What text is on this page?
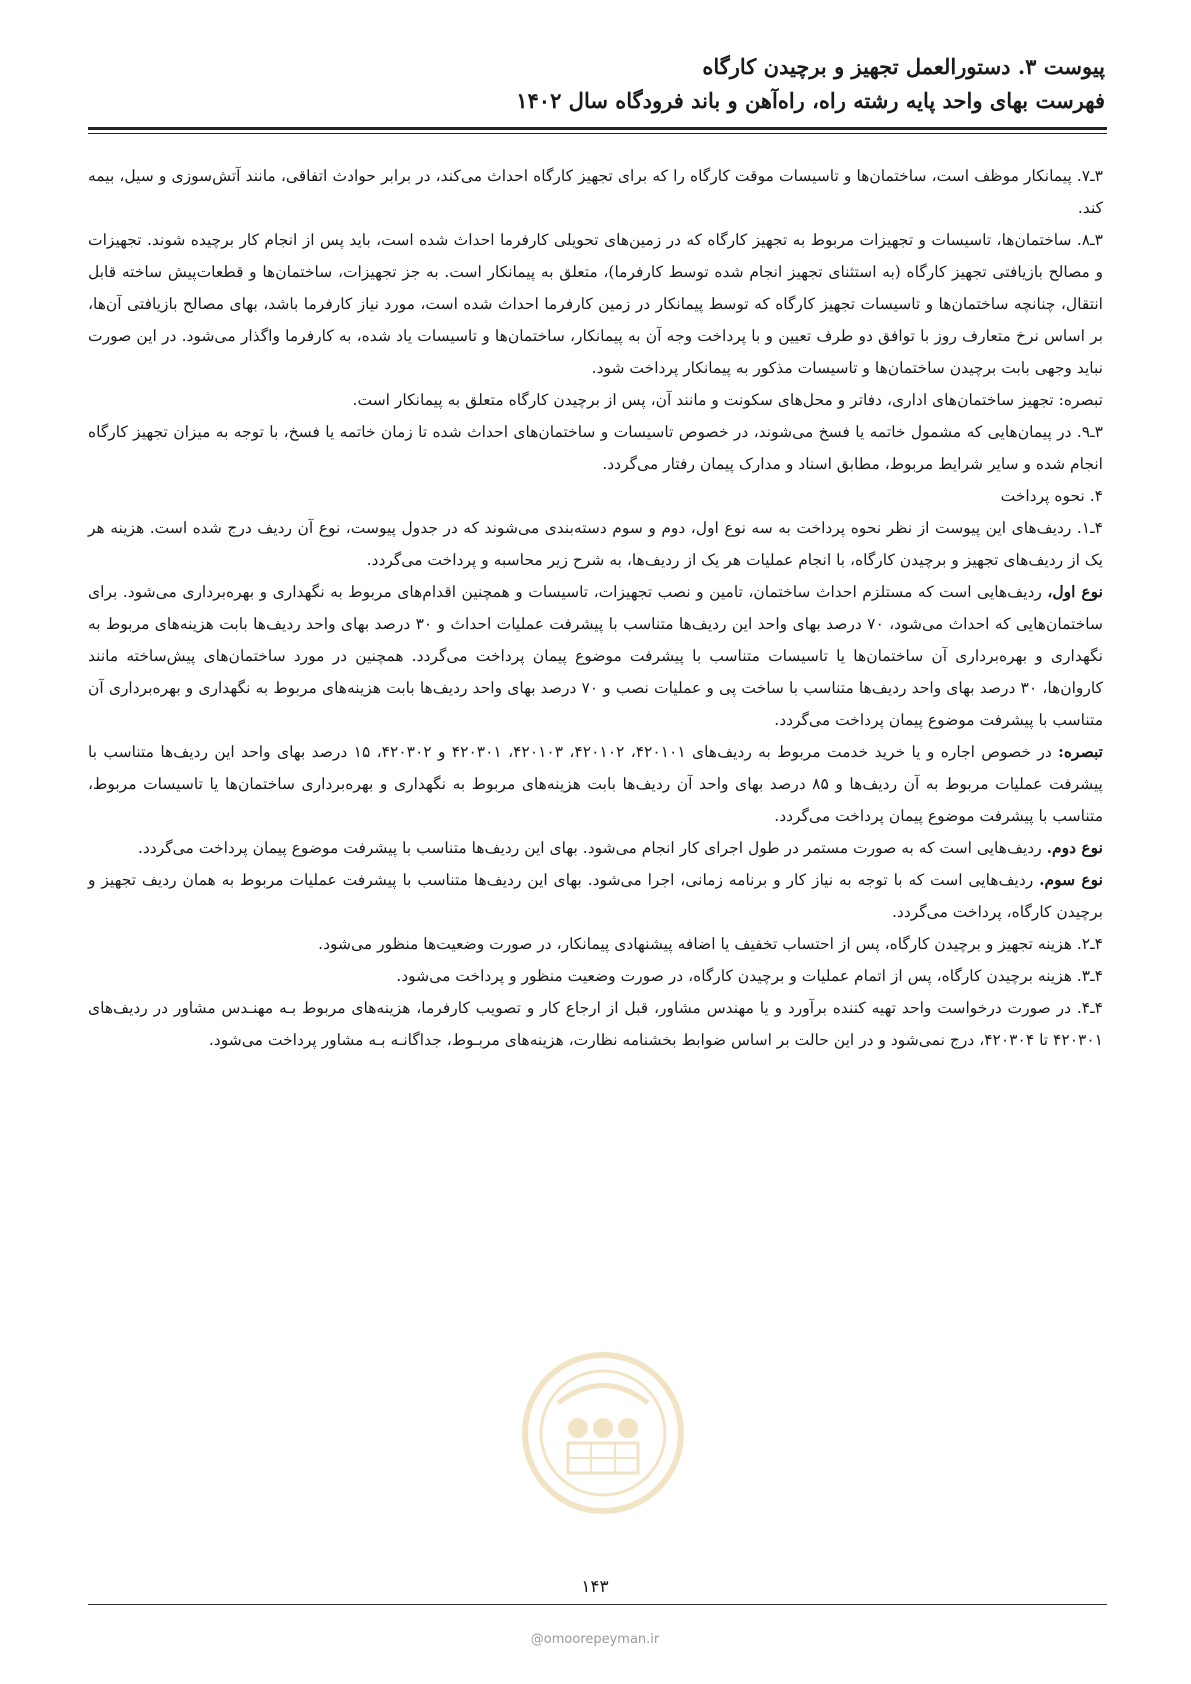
پیوست ۳. دستورالعمل تجهیز و برچیدن کارگاه

فهرست بهای واحد پایه رشته راه، راه‌آهن و باند فرودگاه سال ۱۴۰۲

۳ـ۷. پیمانکار موظف است، ساختمان‌ها و تاسیسات موقت کارگاه را که برای تجهیز کارگاه احداث می‌کند، در برابر حوادث اتفاقی، مانند آتش‌سوزی و سیل، بیمه کند.

۳ـ۸. ساختمان‌ها، تاسیسات و تجهیزات مربوط به تجهیز کارگاه که در زمین‌های تحویلی کارفرما احداث شده است، باید پس از انجام کار برچیده شوند. تجهیزات و مصالح بازیافتی تجهیز کارگاه (به استثنای تجهیز انجام شده توسط کارفرما)، متعلق به پیمانکار است. به جز تجهیزات، ساختمان‌ها و قطعات‌پیش ساخته قابل انتقال، چنانچه ساختمان‌ها و تاسیسات تجهیز کارگاه که توسط پیمانکار در زمین کارفرما احداث شده است، مورد نیاز کارفرما باشد، بهای مصالح بازیافتی آن‌ها، بر اساس نرخ متعارف روز با توافق دو طرف تعیین و با پرداخت وجه آن به پیمانکار، ساختمان‌ها و تاسیسات یاد شده، به کارفرما واگذار می‌شود. در این صورت نباید وجهی بابت برچیدن ساختمان‌ها و تاسیسات مذکور به پیمانکار پرداخت شود.

تبصره: تجهیز ساختمان‌های اداری، دفاتر و محل‌های سکونت و مانند آن، پس از برچیدن کارگاه متعلق به پیمانکار است.

۳ـ۹. در پیمان‌هایی که مشمول خاتمه یا فسخ می‌شوند، در خصوص تاسیسات و ساختمان‌های احداث شده تا زمان خاتمه یا فسخ، با توجه به میزان تجهیز کارگاه انجام شده و سایر شرایط مربوط، مطابق اسناد و مدارک پیمان رفتار می‌گردد.

۴. نحوه پرداخت

۴ـ۱. ردیف‌های این پیوست از نظر نحوه پرداخت به سه نوع اول، دوم و سوم دسته‌بندی می‌شوند که در جدول پیوست، نوع آن ردیف درج شده است. هزینه هر یک از ردیف‌های تجهیز و برچیدن کارگاه، با انجام عملیات هر یک از ردیف‌ها، به شرح زیر محاسبه و پرداخت می‌گردد.

نوع اول، ردیف‌هایی است که مستلزم احداث ساختمان، تامین و نصب تجهیزات، تاسیسات و همچنین اقدام‌های مربوط به نگهداری و بهره‌برداری می‌شود. برای ساختمان‌هایی که احداث می‌شود، ۷۰ درصد بهای واحد این ردیف‌ها متناسب با پیشرفت عملیات احداث و ۳۰ درصد بهای واحد ردیف‌ها بابت هزینه‌های مربوط به نگهداری و بهره‌برداری آن ساختمان‌ها یا تاسیسات متناسب با پیشرفت موضوع پیمان پرداخت می‌گردد. همچنین در مورد ساختمان‌های پیش‌ساخته مانند کاروان‌ها، ۳۰ درصد بهای واحد ردیف‌ها متناسب با ساخت پی و عملیات نصب و ۷۰ درصد بهای واحد ردیف‌ها بابت هزینه‌های مربوط به نگهداری و بهره‌برداری آن متناسب با پیشرفت موضوع پیمان پرداخت می‌گردد.

تبصره: در خصوص اجاره و یا خرید خدمت مربوط به ردیف‌های ۴۲۰۱۰۱، ۴۲۰۱۰۲، ۴۲۰۱۰۳، ۴۲۰۳۰۱ و ۴۲۰۳۰۲، ۱۵ درصد بهای واحد این ردیف‌ها متناسب با پیشرفت عملیات مربوط به آن ردیف‌ها و ۸۵ درصد بهای واحد آن ردیف‌ها بابت هزینه‌های مربوط به نگهداری و بهره‌برداری ساختمان‌ها یا تاسیسات مربوط، متناسب با پیشرفت موضوع پیمان پرداخت می‌گردد.

نوع دوم. ردیف‌هایی است که به صورت مستمر در طول اجرای کار انجام می‌شود. بهای این ردیف‌ها متناسب با پیشرفت موضوع پیمان پرداخت می‌گردد.

نوع سوم. ردیف‌هایی است که با توجه به نیاز کار و برنامه زمانی، اجرا می‌شود. بهای این ردیف‌ها متناسب با پیشرفت عملیات مربوط به همان ردیف تجهیز و برچیدن کارگاه، پرداخت می‌گردد.

۴ـ۲. هزینه تجهیز و برچیدن کارگاه، پس از احتساب تخفیف یا اضافه پیشنهادی پیمانکار، در صورت وضعیت‌ها منظور می‌شود.

۴ـ۳. هزینه برچیدن کارگاه، پس از اتمام عملیات و برچیدن کارگاه، در صورت وضعیت منظور و پرداخت می‌شود.

۴ـ۴. در صورت درخواست واحد تهیه کننده برآورد و یا مهندس مشاور، قبل از ارجاع کار و تصویب کارفرما، هزینه‌های مربوط بـه مهنـدس مشاور در ردیف‌های ۴۲۰۳۰۱ تا ۴۲۰۳۰۴، درج نمی‌شود و در این حالت بر اساس ضوابط بخشنامه نظارت، هزینه‌های مربـوط، جداگانـه بـه مشاور پرداخت می‌شود.

۱۴۳
@omoorepeyman.ir
